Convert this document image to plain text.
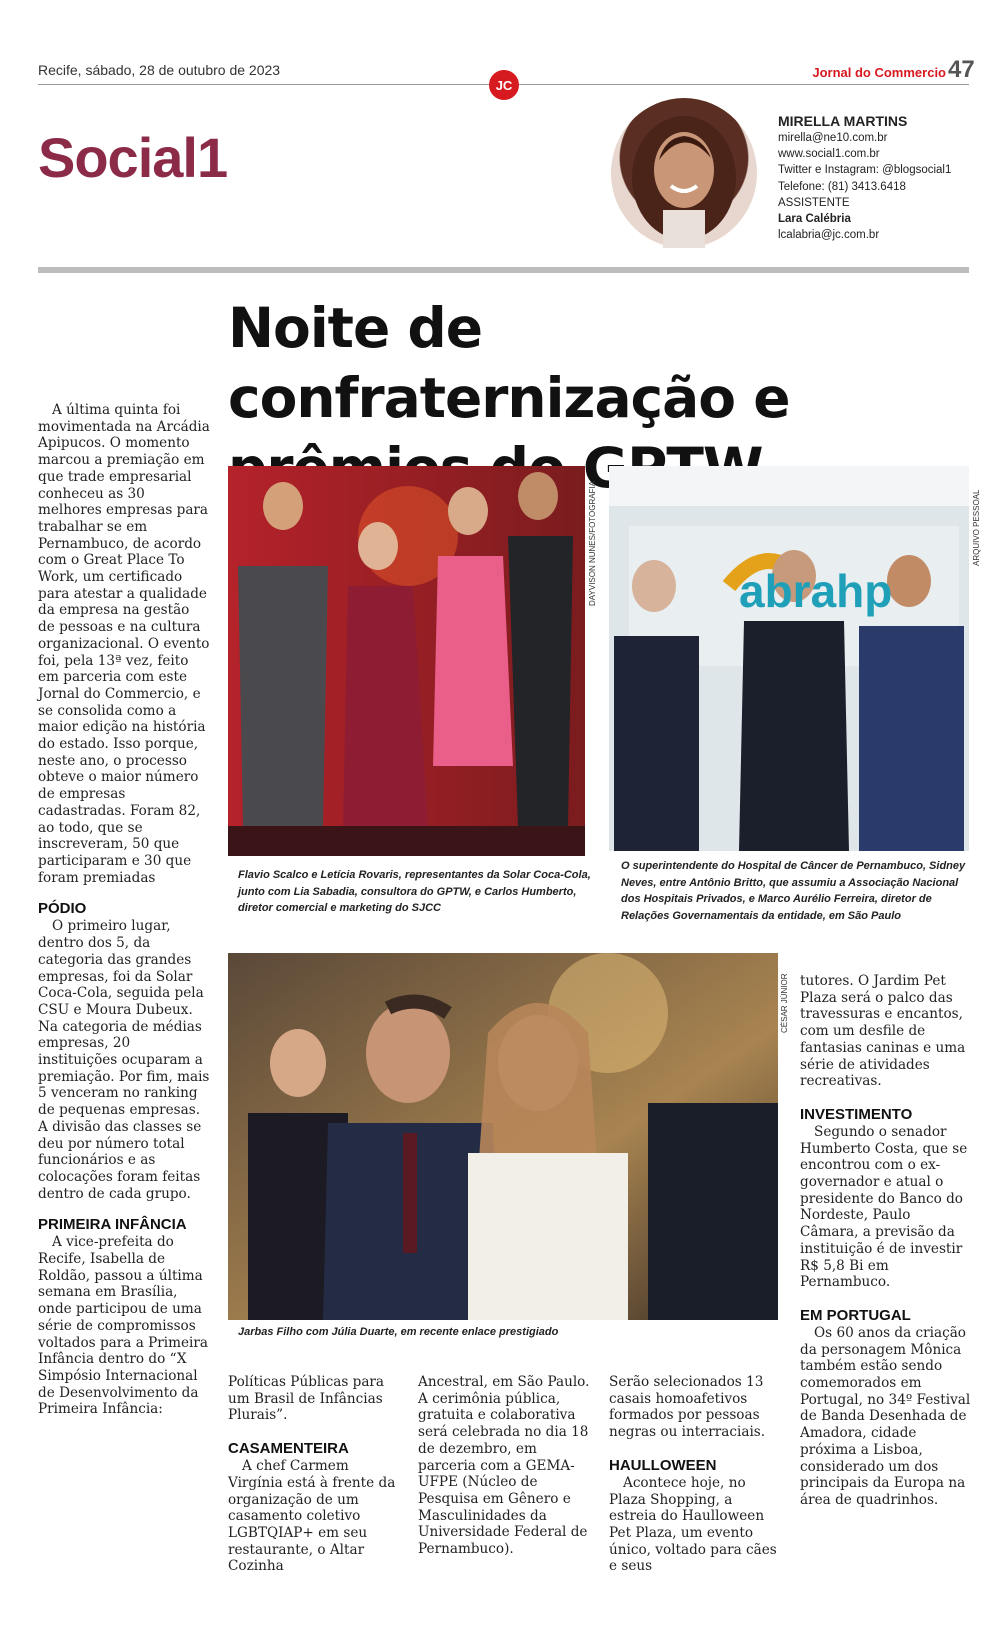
Recife, sábado, 28 de outubro de 2023
JC
Jornal do Commercio 47
Social1
MIRELLA MARTINS
mirella@ne10.com.br
www.social1.com.br
Twitter e Instagram: @blogsocial1
Telefone: (81) 3413.6418
ASSISTENTE
Lara Calébria
lcalabria@jc.com.br
Noite de confraternização e

A última quinta foi movimentada na Arcádia Apipucos. O momento marcou a premiação em que trade empresarial conheceu as 30 melhores empresas para trabalhar se em Pernambuco, de acordo com o Great Place To Work, um certificado para atestar a qualidade da empresa na gestão de pessoas e na cultura organizacional. O evento foi, pela 13ª vez, feito em parceria com este Jornal do Commercio, e se consolida como a maior edição na história do estado. Isso porque, neste ano, o processo obteve o maior número de empresas cadastradas. Foram 82, ao todo, que se inscreveram, 50 que participaram e 30 que foram premiadas

PÓDIO

O primeiro lugar, dentro dos 5, da categoria das grandes empresas, foi da Solar Coca-Cola, seguida pela CSU e Moura Dubeux. Na categoria de médias empresas, 20 instituições ocuparam a premiação. Por fim, mais 5 venceram no ranking de pequenas empresas. A divisão das classes se deu por número total funcionários e as colocações foram feitas dentro de cada grupo.

PRIMEIRA INFÂNCIA

A vice-prefeita do Recife, Isabella de Roldão, passou a última semana em Brasília, onde participou de uma série de compromissos voltados para a Primeira Infância dentro do “X Simpósio Internacional de Desenvolvimento da Primeira Infância:

DAYVISON NUNES/FOTOGRAFIA
Flavio Scalco e Letícia Rovaris, representantes da Solar Coca-Cola, junto com Lia Sabadia, consultora do GPTW, e Carlos Humberto, diretor comercial e marketing do SJCC
abrahp
ARQUIVO PESSOAL
O superintendente do Hospital de Câncer de Pernambuco, Sidney Neves, entre Antônio Britto, que assumiu a Associação Nacional dos Hospitais Privados, e Marco Aurélio Ferreira, diretor de Relações Governamentais da entidade, em São Paulo
CÉSAR JÚNIOR
Jarbas Filho com Júlia Duarte, em recente enlace prestigiado

Políticas Públicas para um Brasil de Infâncias Plurais”.

CASAMENTEIRA

A chef Carmem Virgínia está à frente da organização de um casamento coletivo LGBTQIAP+ em seu restaurante, o Altar Cozinha

Ancestral, em São Paulo. A cerimônia pública, gratuita e colaborativa será celebrada no dia 18 de dezembro, em parceria com a GEMA-UFPE (Núcleo de Pesquisa em Gênero e Masculinidades da Universidade Federal de Pernambuco).

Serão selecionados 13 casais homoafetivos formados por pessoas negras ou interraciais.

HAULLOWEEN

Acontece hoje, no Plaza Shopping, a estreia do Haulloween Pet Plaza, um evento único, voltado para cães e seus

tutores. O Jardim Pet Plaza será o palco das travessuras e encantos, com um desfile de fantasias caninas e uma série de atividades recreativas.

INVESTIMENTO

Segundo o senador Humberto Costa, que se encontrou com o ex-governador e atual o presidente do Banco do Nordeste, Paulo Câmara, a previsão da instituição é de investir R$ 5,8 Bi em Pernambuco.

EM PORTUGAL

Os 60 anos da criação da personagem Mônica também estão sendo comemorados em Portugal, no 34º Festival de Banda Desenhada de Amadora, cidade próxima a Lisboa, considerado um dos principais da Europa na área de quadrinhos.
